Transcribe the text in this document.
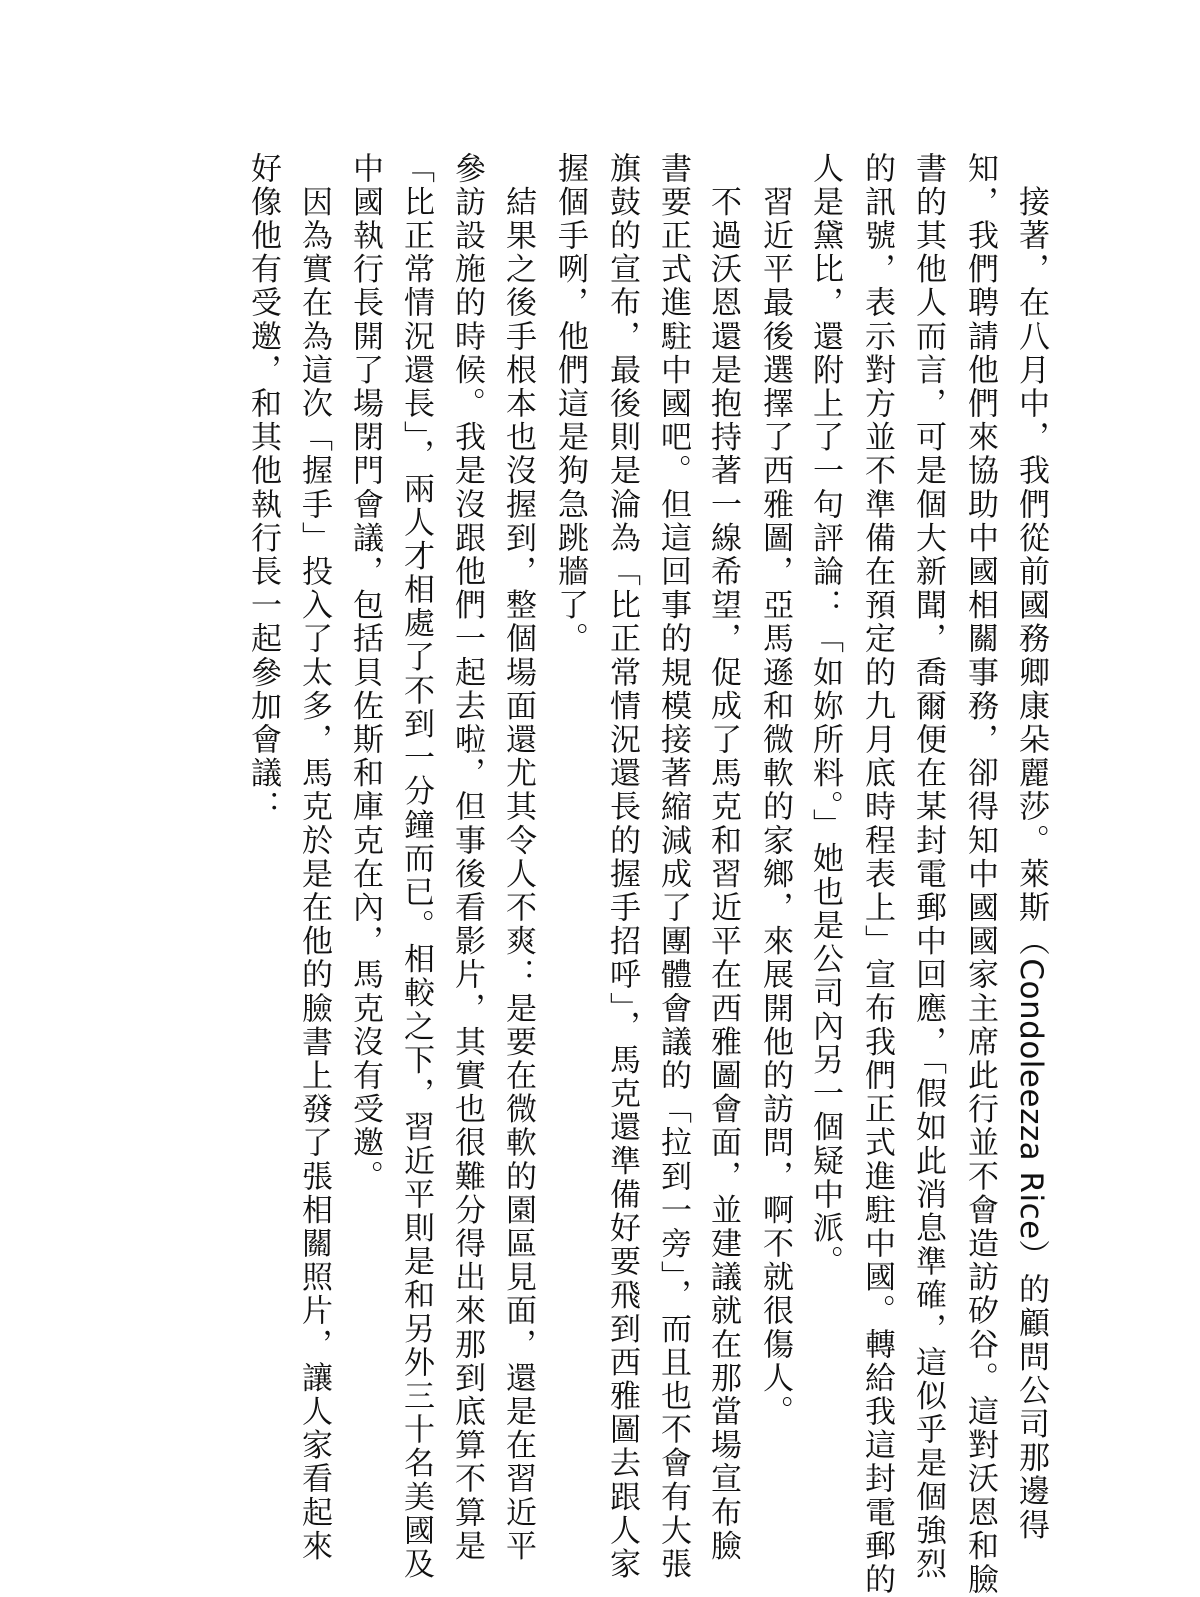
　接著，在八月中，我們從前國務卿康朵麗莎。萊斯（Condoleezza Rice）的顧問公司那邊得
知，我們聘請他們來協助中國相關事務，卻得知中國國家主席此行並不會造訪矽谷。這對沃恩和臉
書的其他人而言，可是個大新聞，喬爾便在某封電郵中回應，「假如此消息準確，這似乎是個強烈
的訊號，表示對方並不準備在預定的九月底時程表上」宣布我們正式進駐中國。轉給我這封電郵的
人是黛比，還附上了一句評論：「如妳所料。」她也是公司內另一個疑中派。
　習近平最後選擇了西雅圖，亞馬遜和微軟的家鄉，來展開他的訪問，啊不就很傷人。
　不過沃恩還是抱持著一線希望，促成了馬克和習近平在西雅圖會面，並建議就在那當場宣布臉
書要正式進駐中國吧。但這回事的規模接著縮減成了團體會議的「拉到一旁」，而且也不會有大張
旗鼓的宣布，最後則是淪為「比正常情況還長的握手招呼」，馬克還準備好要飛到西雅圖去跟人家
握個手咧，他們這是狗急跳牆了。
　結果之後手根本也沒握到，整個場面還尤其令人不爽：是要在微軟的園區見面，還是在習近平
參訪設施的時候。我是沒跟他們一起去啦，但事後看影片，其實也很難分得出來那到底算不算是
「比正常情況還長」，兩人才相處了不到一分鐘而已。相較之下，習近平則是和另外三十名美國及
中國執行長開了場閉門會議，包括貝佐斯和庫克在內，馬克沒有受邀。
　因為實在為這次「握手」投入了太多，馬克於是在他的臉書上發了張相關照片，讓人家看起來
好像他有受邀，和其他執行長一起參加會議：
